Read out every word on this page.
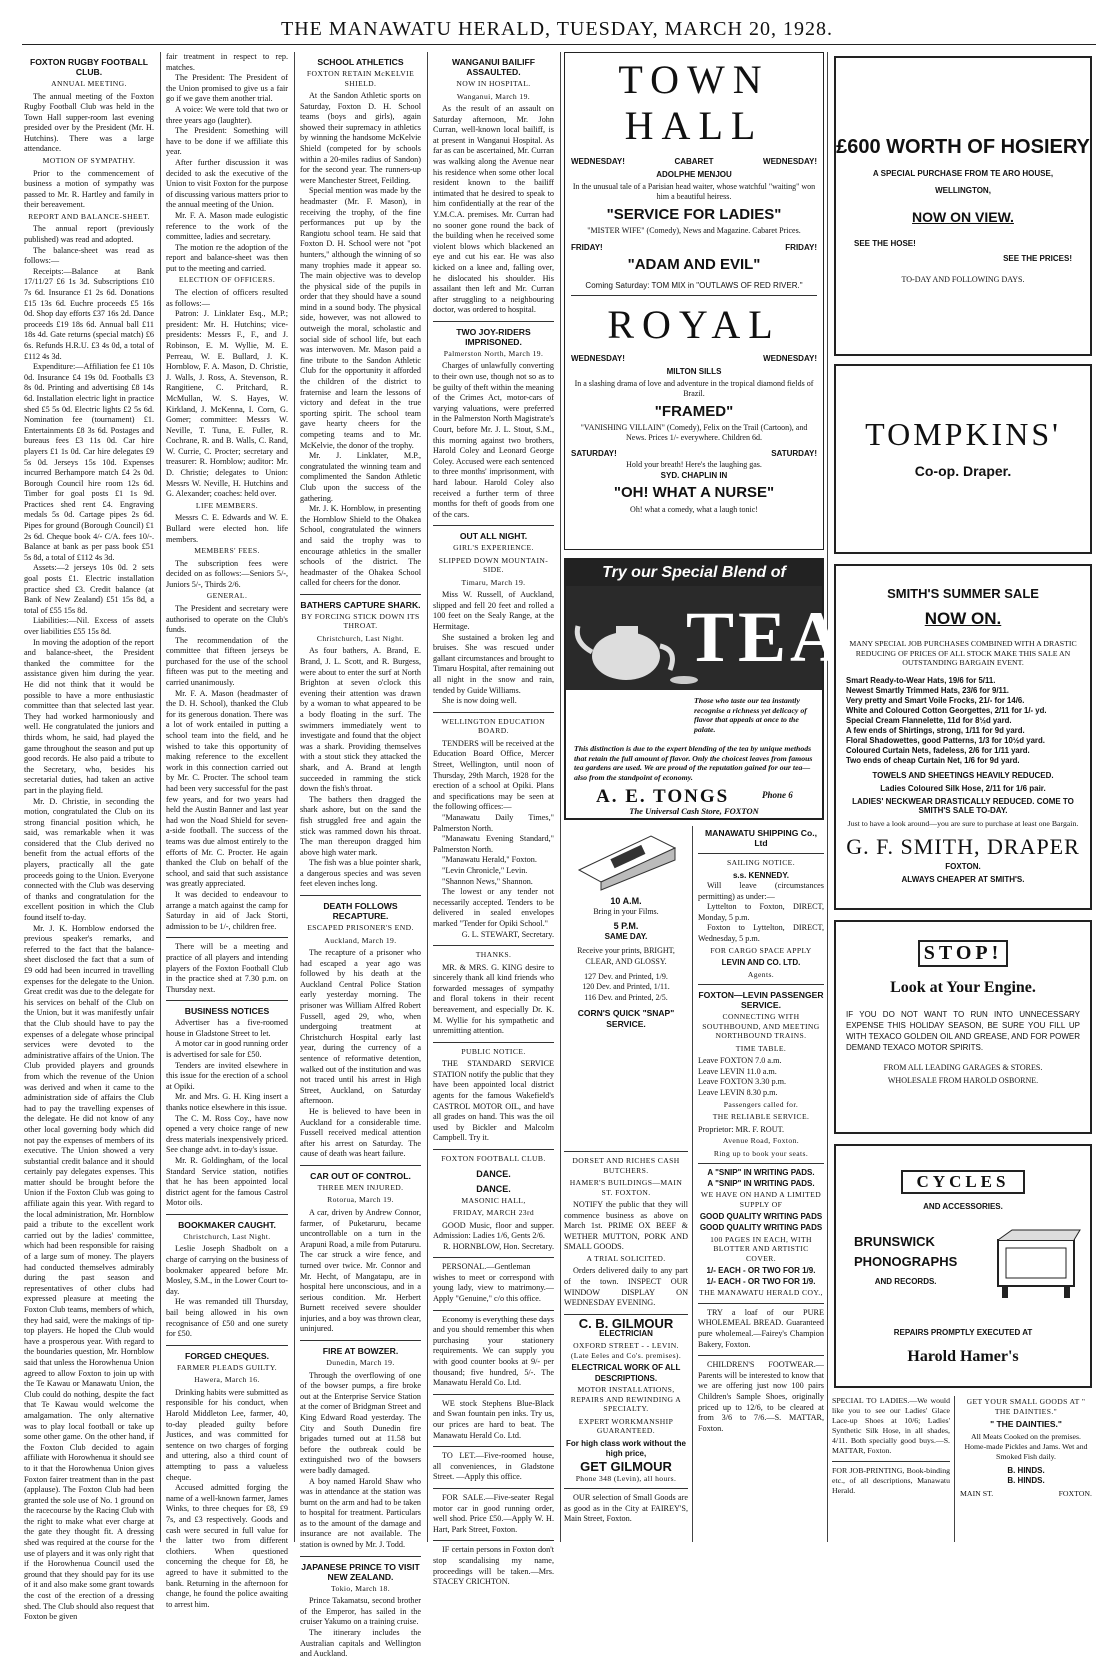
THE MANAWATU HERALD, TUESDAY, MARCH 20, 1928.
FOXTON RUGBY FOOTBALL CLUB.
ANNUAL MEETING.

The annual meeting of the Foxton Rugby Football Club was held in the Town Hall supper-room last evening presided over by the President (Mr. H. Hutchins). There was a large attendance.

MOTION OF SYMPATHY.

Prior to the commencement of business a motion of sympathy was passed to Mr. R. Hartley and family in their bereavement.

REPORT AND BALANCE-SHEET.

The annual report (previously published) was read and adopted.

The balance-sheet was read as follows:—

Receipts:—Balance at Bank 17/11/27 £6 1s 3d. Subscriptions £10 7s 6d. Insurance £1 2s 6d. Donations £15 13s 6d. Euchre proceeds £5 16s 0d. Shop day efforts £37 16s 2d. Dance proceeds £19 18s 6d. Annual ball £11 18s 4d. Gate returns (special match) £6 6s. Refunds H.R.U. £3 4s 0d, a total of £112 4s 3d.

Expenditure:—Affiliation fee £1 10s 0d. Insurance £4 19s 0d. Footballs £3 8s 0d. Printing and advertising £8 14s 6d. Installation electric light in practice shed £5 5s 0d. Electric lights £2 5s 6d. Nomination fee (tournament) £1. Entertainments £8 3s 6d. Postages and bureaus fees £3 11s 0d. Car hire players £1 1s 0d. Car hire delegates £9 5s 0d. Jerseys 15s 10d. Expenses incurred Berhampore match £4 2s 0d. Borough Council hire room 12s 6d. Timber for goal posts £1 1s 9d. Practices shed rent £4. Engraving medals 5s 0d. Cartage pipes 2s 6d. Pipes for ground (Borough Council) £1 2s 6d. Cheque book 4/- C/A. fees 10/-. Balance at bank as per pass book £51 5s 8d, a total of £112 4s 3d.

Assets:—2 jerseys 10s 0d. 2 sets goal posts £1. Electric installation practice shed £3. Credit balance (at Bank of New Zealand) £51 15s 8d, a total of £55 15s 8d.

Liabilities:—Nil. Excess of assets over liabilities £55 15s 8d.

In moving the adoption of the report and balance-sheet, the President thanked the committee for the assistance given him during the year. He did not think that it would be possible to have a more enthusiastic committee than that selected last year. They had worked harmoniously and well. He congratulated the juniors and thirds whom, he said, had played the game throughout the season and put up good records. He also paid a tribute to the Secretary, who, besides his secretarial duties, had taken an active part in the playing field.

Mr. D. Christie, in seconding the motion, congratulated the Club on its strong financial position which, he said, was remarkable when it was considered that the Club derived no benefit from the actual efforts of the players, practically all the gate proceeds going to the Union. Everyone connected with the Club was deserving of thanks and congratulation for the excellent position in which the Club found itself to-day.

Mr. J. K. Hornblow endorsed the previous speaker's remarks, and referred to the fact that the balance-sheet disclosed the fact that a sum of £9 odd had been incurred in travelling expenses for the delegate to the Union. Great credit was due to the delegate for his services on behalf of the Club on the Union, but it was manifestly unfair that the Club should have to pay the expenses of a delegate whose principal services were devoted to the administrative affairs of the Union. The Club provided players and grounds from which the revenue of the Union was derived and when it came to the administration side of affairs the Club had to pay the travelling expenses of the delegate. He did not know of any other local governing body which did not pay the expenses of members of its executive. The Union showed a very substantial credit balance and it should certainly pay delegates expenses. This matter should be brought before the Union if the Foxton Club was going to affiliate again this year. With regard to the local administration, Mr. Hornblow paid a tribute to the excellent work carried out by the ladies' committee, which had been responsible for raising of a large sum of money. The players had conducted themselves admirably during the past season and representatives of other clubs had expressed pleasure at meeting the Foxton Club teams, members of which, they had said, were the makings of tip-top players. He hoped the Club would have a prosperous year. With regard to the boundaries question, Mr. Hornblow said that unless the Horowhenua Union agreed to allow Foxton to join up with the Te Kawau or Manawatu Union, the Club could do nothing, despite the fact that Te Kawau would welcome the amalgamation. The only alternative was to play local football or take up some other game. On the other hand, if the Foxton Club decided to again affiliate with Horowhenua it should see to it that the Horowhenua Union gives Foxton fairer treatment than in the past (applause). The Foxton Club had been granted the sole use of No. 1 ground on the racecourse by the Racing Club with the right to make what ever charge at the gate they thought fit. A dressing shed was required at the course for the use of players and it was only right that if the Horowhenua Council used the ground that they should pay for its use of it and also make some grant towards the cost of the erection of a dressing shed. The Club should also request that Foxton be given

fair treatment in respect to rep. matches.

The President: The President of the Union promised to give us a fair go if we gave them another trial.

A voice: We were told that two or three years ago (laughter).

The President: Something will have to be done if we affiliate this year.

After further discussion it was decided to ask the executive of the Union to visit Foxton for the purpose of discussing various matters prior to the annual meeting of the Union.

Mr. F. A. Mason made eulogistic reference to the work of the committee, ladies and secretary.

The motion re the adoption of the report and balance-sheet was then put to the meeting and carried.

ELECTION OF OFFICERS.

The election of officers resulted as follows:—

Patron: J. Linklater Esq., M.P.; president: Mr. H. Hutchins; vice-presidents: Messrs F., F., and J. Robinson, E. M. Wyllie, M. E. Perreau, W. E. Bullard, J. K. Hornblow, F. A. Mason, D. Christie, J. Walls, J. Ross, A. Stevenson, R. Rangitiene, C. Pritchard, R. McMullan, W. S. Hayes, W. Kirkland, J. McKenna, I. Corn, G. Gomer; committee: Messrs W. Neville, T. Tuna, E. Fuller, R. Cochrane, R. and B. Walls, C. Rand, W. Currie, C. Procter; secretary and treasurer: R. Hornblow; auditor: Mr. D. Christie; delegates to Union: Messrs W. Neville, H. Hutchins and G. Alexander; coaches: held over.

LIFE MEMBERS.

Messrs C. E. Edwards and W. E. Bullard were elected hon. life members.

MEMBERS' FEES.

The subscription fees were decided on as follows:—Seniors 5/-, Juniors 5/-, Thirds 2/6.

GENERAL.

The President and secretary were authorised to operate on the Club's funds.

The recommendation of the committee that fifteen jerseys be purchased for the use of the school fifteen was put to the meeting and carried unanimously.

Mr. F. A. Mason (headmaster of the D. H. School), thanked the Club for its generous donation. There was a lot of work entailed in putting a school team into the field, and he wished to take this opportunity of making reference to the excellent work in this connection carried out by Mr. C. Procter. The school team had been very successful for the past few years, and for two years had held the Austin Banner and last year had won the Noad Shield for seven-a-side football. The success of the teams was due almost entirely to the efforts of Mr. C. Procter. He again thanked the Club on behalf of the school, and said that such assistance was greatly appreciated.

It was decided to endeavour to arrange a match against the camp for Saturday in aid of Jack Storti, admission to be 1/-, children free.

There will be a meeting and practice of all players and intending players of the Foxton Football Club in the practice shed at 7.30 p.m. on Thursday next.

BUSINESS NOTICES

Advertiser has a five-roomed house in Gladstone Street to let.

A motor car in good running order is advertised for sale for £50.

Tenders are invited elsewhere in this issue for the erection of a school at Opiki.

Mr. and Mrs. G. H. King insert a thanks notice elsewhere in this issue.

The C. M. Ross Coy., have now opened a very choice range of new dress materials inexpensively priced. See change advt. in to-day's issue.

Mr. R. Goldingham, of the local Standard Service station, notifies that he has been appointed local district agent for the famous Castrol Motor oils.

BOOKMAKER CAUGHT.
Christchurch, Last Night.

Leslie Joseph Shadbolt on a charge of carrying on the business of bookmaker appeared before Mr. Mosley, S.M., in the Lower Court to-day.

He was remanded till Thursday, bail being allowed in his own recognisance of £50 and one surety for £50.

FORGED CHEQUES.
FARMER PLEADS GUILTY.
Hawera, March 16.

Drinking habits were submitted as responsible for his conduct, when Harold Middleton Lee, farmer, 40, to-day pleaded guilty before Justices, and was committed for sentence on two charges of forging and uttering, also a third count of attempting to pass a valueless cheque.

Accused admitted forging the name of a well-known farmer, James Winks, to three cheques for £8, £9 7s, and £3 respectively. Goods and cash were secured in full value for the latter two from different clothiers. When questioned concerning the cheque for £8, he agreed to have it submitted to the bank. Returning in the afternoon for change, he found the police awaiting to arrest him.

SCHOOL ATHLETICS
FOXTON RETAIN McKELVIE SHIELD.

At the Sandon Athletic sports on Saturday, Foxton D. H. School teams (boys and girls), again showed their supremacy in athletics by winning the handsome McKelvie Shield (competed for by schools within a 20-miles radius of Sandon) for the second year. The runners-up were Manchester Street, Feilding.

Special mention was made by the headmaster (Mr. F. Mason), in receiving the trophy, of the fine performances put up by the Rangiotu school team. He said that Foxton D. H. School were not "pot hunters," although the winning of so many trophies made it appear so. The main objective was to develop the physical side of the pupils in order that they should have a sound mind in a sound body. The physical side, however, was not allowed to outweigh the moral, scholastic and social side of school life, but each was interwoven. Mr. Mason paid a fine tribute to the Sandon Athletic Club for the opportunity it afforded the children of the district to fraternise and learn the lessons of victory and defeat in the true sporting spirit. The school team gave hearty cheers for the competing teams and to Mr. McKelvie, the donor of the trophy.

Mr. J. Linklater, M.P., congratulated the winning team and complimented the Sandon Athletic Club upon the success of the gathering.

Mr. J. K. Hornblow, in presenting the Hornblow Shield to the Ohakea School, congratulated the winners and said the trophy was to encourage athletics in the smaller schools of the district. The headmaster of the Ohakea School called for cheers for the donor.

BATHERS CAPTURE SHARK.
BY FORCING STICK DOWN ITS THROAT.
Christchurch, Last Night.

As four bathers, A. Brand, E. Brand, J. L. Scott, and R. Burgess, were about to enter the surf at North Brighton at seven o'clock this evening their attention was drawn by a woman to what appeared to be a body floating in the surf. The swimmers immediately went to investigate and found that the object was a shark. Providing themselves with a stout stick they attacked the shark, and A. Brand at length succeeded in ramming the stick down the fish's throat.

The bathers then dragged the shark ashore, but on the sand the fish struggled free and again the stick was rammed down his throat. The man thereupon dragged him above high water mark.

The fish was a blue pointer shark, a dangerous species and was seven feet eleven inches long.

DEATH FOLLOWS RECAPTURE.
ESCAPED PRISONER'S END.
Auckland, March 19.

The recapture of a prisoner who had escaped a year ago was followed by his death at the Auckland Central Police Station early yesterday morning. The prisoner was William Alfred Robert Fussell, aged 29, who, when undergoing treatment at Christchurch Hospital early last year, during the currency of a sentence of reformative detention, walked out of the institution and was not traced until his arrest in High Street, Auckland, on Saturday afternoon.

He is believed to have been in Auckland for a considerable time. Fussell received medical attention after his arrest on Saturday. The cause of death was heart failure.

CAR OUT OF CONTROL.
THREE MEN INJURED.
Rotorua, March 19.

A car, driven by Andrew Connor, farmer, of Puketaruru, became uncontrollable on a turn in the Arapuni Road, a mile from Putaruru. The car struck a wire fence, and turned over twice. Mr. Connor and Mr. Hecht, of Mangatapu, are in hospital here unconscious, and in a serious condition. Mr. Herbert Burnett received severe shoulder injuries, and a boy was thrown clear, uninjured.

FIRE AT BOWZER.
Dunedin, March 19.

Through the overflowing of one of the bowser pumps, a fire broke out at the Enterprise Service Station at the corner of Bridgman Street and King Edward Road yesterday. The City and South Dunedin fire brigades turned out at 11.58 but before the outbreak could be extinguished two of the bowsers were badly damaged.

A boy named Harold Shaw who was in attendance at the station was burnt on the arm and had to be taken to hospital for treatment. Particulars as to the amount of the damage and insurance are not available. The station is owned by Mr. J. Todd.

JAPANESE PRINCE TO VISIT NEW ZEALAND.
Tokio, March 18.

Prince Takamatsu, second brother of the Emperor, has sailed in the cruiser Yakumo on a training cruise.

The itinerary includes the Australian capitals and Wellington and Auckland.

WANGANUI BAILIFF ASSAULTED.
NOW IN HOSPITAL.
Wanganui, March 19.

As the result of an assault on Saturday afternoon, Mr. John Curran, well-known local bailiff, is at present in Wanganui Hospital. As far as can be ascertained, Mr. Curran was walking along the Avenue near his residence when some other local resident known to the bailiff intimated that he desired to speak to him confidentially at the rear of the Y.M.C.A. premises. Mr. Curran had no sooner gone round the back of the building when he received some violent blows which blackened an eye and cut his ear. He was also kicked on a knee and, falling over, he dislocated his shoulder. His assailant then left and Mr. Curran after struggling to a neighbouring doctor, was ordered to hospital.

TWO JOY-RIDERS IMPRISONED.
Palmerston North, March 19.

Charges of unlawfully converting to their own use, though not so as to be guilty of theft within the meaning of the Crimes Act, motor-cars of varying valuations, were preferred in the Palmerston North Magistrate's Court, before Mr. J. L. Stout, S.M., this morning against two brothers, Harold Coley and Leonard George Coley. Accused were each sentenced to three months' imprisonment, with hard labour. Harold Coley also received a further term of three months for theft of goods from one of the cars.

OUT ALL NIGHT.
GIRL'S EXPERIENCE.
SLIPPED DOWN MOUNTAIN-SIDE.
Timaru, March 19.

Miss W. Russell, of Auckland, slipped and fell 20 feet and rolled a 100 feet on the Sealy Range, at the Hermitage.

She sustained a broken leg and bruises. She was rescued under gallant circumstances and brought to Timaru Hospital, after remaining out all night in the snow and rain, tended by Guide Williams.

She is now doing well.

WELLINGTON EDUCATION BOARD.

TENDERS will be received at the Education Board Office, Mercer Street, Wellington, until noon of Thursday, 29th March, 1928 for the erection of a school at Opiki. Plans and specifications may be seen at the following offices:—

"Manawatu Daily Times," Palmerston North.

"Manawatu Evening Standard," Palmerston North.

"Manawatu Herald," Foxton.

"Levin Chronicle," Levin.

"Shannon News," Shannon.

The lowest or any tender not necessarily accepted. Tenders to be delivered in sealed envelopes marked "Tender for Opiki School."

G. L. STEWART, Secretary.

THANKS.

MR. & MRS. G. KING desire to sincerely thank all kind friends who forwarded messages of sympathy and floral tokens in their recent bereavement, and especially Dr. K. M. Wyllie for his sympathetic and unremitting attention.

PUBLIC NOTICE.

THE STANDARD SERVICE STATION notify the public that they have been appointed local district agents for the famous Wakefield's CASTROL MOTOR OIL, and have all grades on hand. This was the oil used by Bickler and Malcolm Campbell. Try it.

FOXTON FOOTBALL CLUB.
DANCE.
DANCE.
MASONIC HALL,
FRIDAY, MARCH 23rd

GOOD Music, floor and supper. Admission: Ladies 1/6, Gents 2/6.

R. HORNBLOW, Hon. Secretary.

PERSONAL.—Gentleman wishes to meet or correspond with young lady, view to matrimony.—Apply "Genuine," c/o this office.

Economy is everything these days and you should remember this when purchasing your stationery requirements. We can supply you with good counter books at 9/- per thousand; five hundred, 5/-. The Manawatu Herald Co. Ltd.

WE stock Stephens Blue-Black and Swan fountain pen inks. Try us, our prices are hard to beat. The Manawatu Herald Co. Ltd.

TO LET.—Five-roomed house, all conveniences, in Gladstone Street. —Apply this office.

FOR SALE.—Five-seater Regal motor car in good running order, well shod. Price £50.—Apply W. H. Hart, Park Street, Foxton.

IF certain persons in Foxton don't stop scandalising my name, proceedings will be taken.—Mrs. STACEY CRICHTON.

TOWN HALL
WEDNESDAY!	CABARET	WEDNESDAY!
ADOLPHE MENJOU
In the unusual tale of a Parisian head waiter, whose watchful "waiting" won him a beautiful heiress.
"SERVICE FOR LADIES"
"MISTER WIFE" (Comedy), News and Magazine. Cabaret Prices.
FRIDAY!	FRIDAY!
"ADAM AND EVIL"
Coming Saturday: TOM MIX in "OUTLAWS OF RED RIVER."
ROYAL
WEDNESDAY!	WEDNESDAY!
MILTON SILLS
In a slashing drama of love and adventure in the tropical diamond fields of Brazil.
"FRAMED"
"VANISHING VILLAIN" (Comedy), Felix on the Trail (Cartoon), and News. Prices 1/- everywhere. Children 6d.
SATURDAY!	SATURDAY!
Hold your breath! Here's the laughing gas.
SYD. CHAPLIN IN
"OH! WHAT A NURSE"
Oh! what a comedy, what a laugh tonic!
Try our Special Blend of
TEA
Those who taste our tea instantly recognise a richness yet delicacy of flavor that appeals at once to the palate.
This distinction is due to the expert blending of the tea by unique methods that retain the full amount of flavor. Only the choicest leaves from famous tea gardens are used. We are proud of the reputation gained for our tea—also from the standpoint of economy.
A. E. TONGS	Phone 6
The Universal Cash Store, FOXTON
10 A.M.
Bring in your Films.
5 P.M.
SAME DAY.
Receive your prints, BRIGHT, CLEAR, AND GLOSSY.
127 Dev. and Printed, 1/9.
120 Dev. and Printed, 1/11.
116 Dev. and Printed, 2/5.
CORN'S QUICK "SNAP" SERVICE.
DORSET AND RICHES CASH BUTCHERS.
HAMER'S BUILDINGS—MAIN ST. FOXTON.

NOTIFY the public that they will commence business as above on March 1st. PRIME OX BEEF & WETHER MUTTON, PORK AND SMALL GOODS.

A TRIAL SOLICITED.

Orders delivered daily to any part of the town. INSPECT OUR WINDOW DISPLAY ON WEDNESDAY EVENING.

C. B. GILMOUR
ELECTRICIAN
OXFORD STREET - - LEVIN. (Late Eeles and Co's. premises).
ELECTRICAL WORK OF ALL DESCRIPTIONS.
MOTOR INSTALLATIONS, REPAIRS AND REWINDING A SPECIALTY.
EXPERT WORKMANSHIP GUARANTEED.
For high class work without the high price,
GET GILMOUR
Phone 348 (Levin), all hours.

OUR selection of Small Goods are as good as in the City at FAIREY'S, Main Street, Foxton.

MANAWATU SHIPPING Co., Ltd
SAILING NOTICE.
s.s. KENNEDY.

Will leave (circumstances permitting) as under:—

Lyttelton to Foxton, DIRECT, Monday, 5 p.m.

Foxton to Lyttelton, DIRECT, Wednesday, 5 p.m.

FOR CARGO SPACE APPLY
LEVIN AND CO. LTD.
Agents.
FOXTON—LEVIN PASSENGER SERVICE.
CONNECTING WITH SOUTHBOUND, AND MEETING NORTHBOUND TRAINS.
TIME TABLE.
Leave FOXTON 7.0 a.m.
Leave LEVIN 11.0 a.m.
Leave FOXTON 3.30 p.m.
Leave LEVIN 8.30 p.m.
Passengers called for.
THE RELIABLE SERVICE.
Proprietor: MR. F. ROUT.
Avenue Road, Foxton.
Ring up to book your seats.
A "SNIP" IN WRITING PADS.
A "SNIP" IN WRITING PADS.
WE HAVE ON HAND A LIMITED SUPPLY OF
GOOD QUALITY WRITING PADS
GOOD QUALITY WRITING PADS
100 PAGES IN EACH, WITH BLOTTER AND ARTISTIC COVER.
1/- EACH - OR TWO FOR 1/9.
1/- EACH - OR TWO FOR 1/9.
THE MANAWATU HERALD COY.,

TRY a loaf of our PURE WHOLEMEAL BREAD. Guaranteed pure wholemeal.—Fairey's Champion Bakery, Foxton.

CHILDREN'S FOOTWEAR.—Parents will be interested to know that we are offering just now 100 pairs Children's Sample Shoes, originally priced up to 12/6, to be cleared at from 3/6 to 7/6.—S. MATTAR, Foxton.

£600 WORTH OF HOSIERY
A SPECIAL PURCHASE FROM TE ARO HOUSE,
WELLINGTON,
NOW ON VIEW.
SEE THE HOSE!
SEE THE PRICES!
TO-DAY AND FOLLOWING DAYS.
TOMPKINS'
Co-op. Draper.
SMITH'S SUMMER SALE
NOW ON.
MANY SPECIAL JOB PURCHASES COMBINED WITH A DRASTIC REDUCING OF PRICES OF ALL STOCK MAKE THIS SALE AN OUTSTANDING BARGAIN EVENT.
Smart Ready-to-Wear Hats, 19/6 for 5/11.
Newest Smartly Trimmed Hats, 23/6 for 9/11.
Very pretty and Smart Voile Frocks, 21/- for 14/6.
White and Coloured Cotton Georgettes, 2/11 for 1/- yd.
Special Cream Flannelette, 11d for 8½d yard.
A few ends of Shirtings, strong, 1/11 for 9d yard.
Floral Shadowettes, good Patterns, 1/3 for 10½d yard.
Coloured Curtain Nets, fadeless, 2/6 for 1/11 yard.
Two ends of cheap Curtain Net, 1/6 for 9d yard.
TOWELS AND SHEETINGS HEAVILY REDUCED.
Ladies Coloured Silk Hose, 2/11 for 1/6 pair.
LADIES' NECKWEAR DRASTICALLY REDUCED. COME TO SMITH'S SALE TO-DAY.
Just to have a look around—you are sure to purchase at least one Bargain.
G. F. SMITH, DRAPER
FOXTON.
ALWAYS CHEAPER AT SMITH'S.
STOP!
Look at Your Engine.
IF YOU DO NOT WANT TO RUN INTO UNNECESSARY EXPENSE THIS HOLIDAY SEASON, BE SURE YOU FILL UP WITH TEXACO GOLDEN OIL AND GREASE, AND FOR POWER DEMAND TEXACO MOTOR SPIRITS.
FROM ALL LEADING GARAGES & STORES.
WHOLESALE FROM HAROLD OSBORNE.
CYCLES
AND ACCESSORIES.
BRUNSWICK
PHONOGRAPHS
AND RECORDS.
REPAIRS PROMPTLY EXECUTED AT
Harold Hamer's

SPECIAL TO LADIES.—We would like you to see our Ladies' Glace Lace-up Shoes at 10/6; Ladies' Synthetic Silk Hose, in all shades, 4/11. Both specially good buys.—S. MATTAR, Foxton.

FOR JOB-PRINTING, Book-binding etc., of all descriptions, Manawatu Herald.

GET YOUR SMALL GOODS AT " THE DAINTIES."
" THE DAINTIES."
All Meats Cooked on the premises. Home-made Pickles and Jams. Wet and Smoked Fish daily.
B. HINDS.
B. HINDS.
MAIN ST.	FOXTON.
